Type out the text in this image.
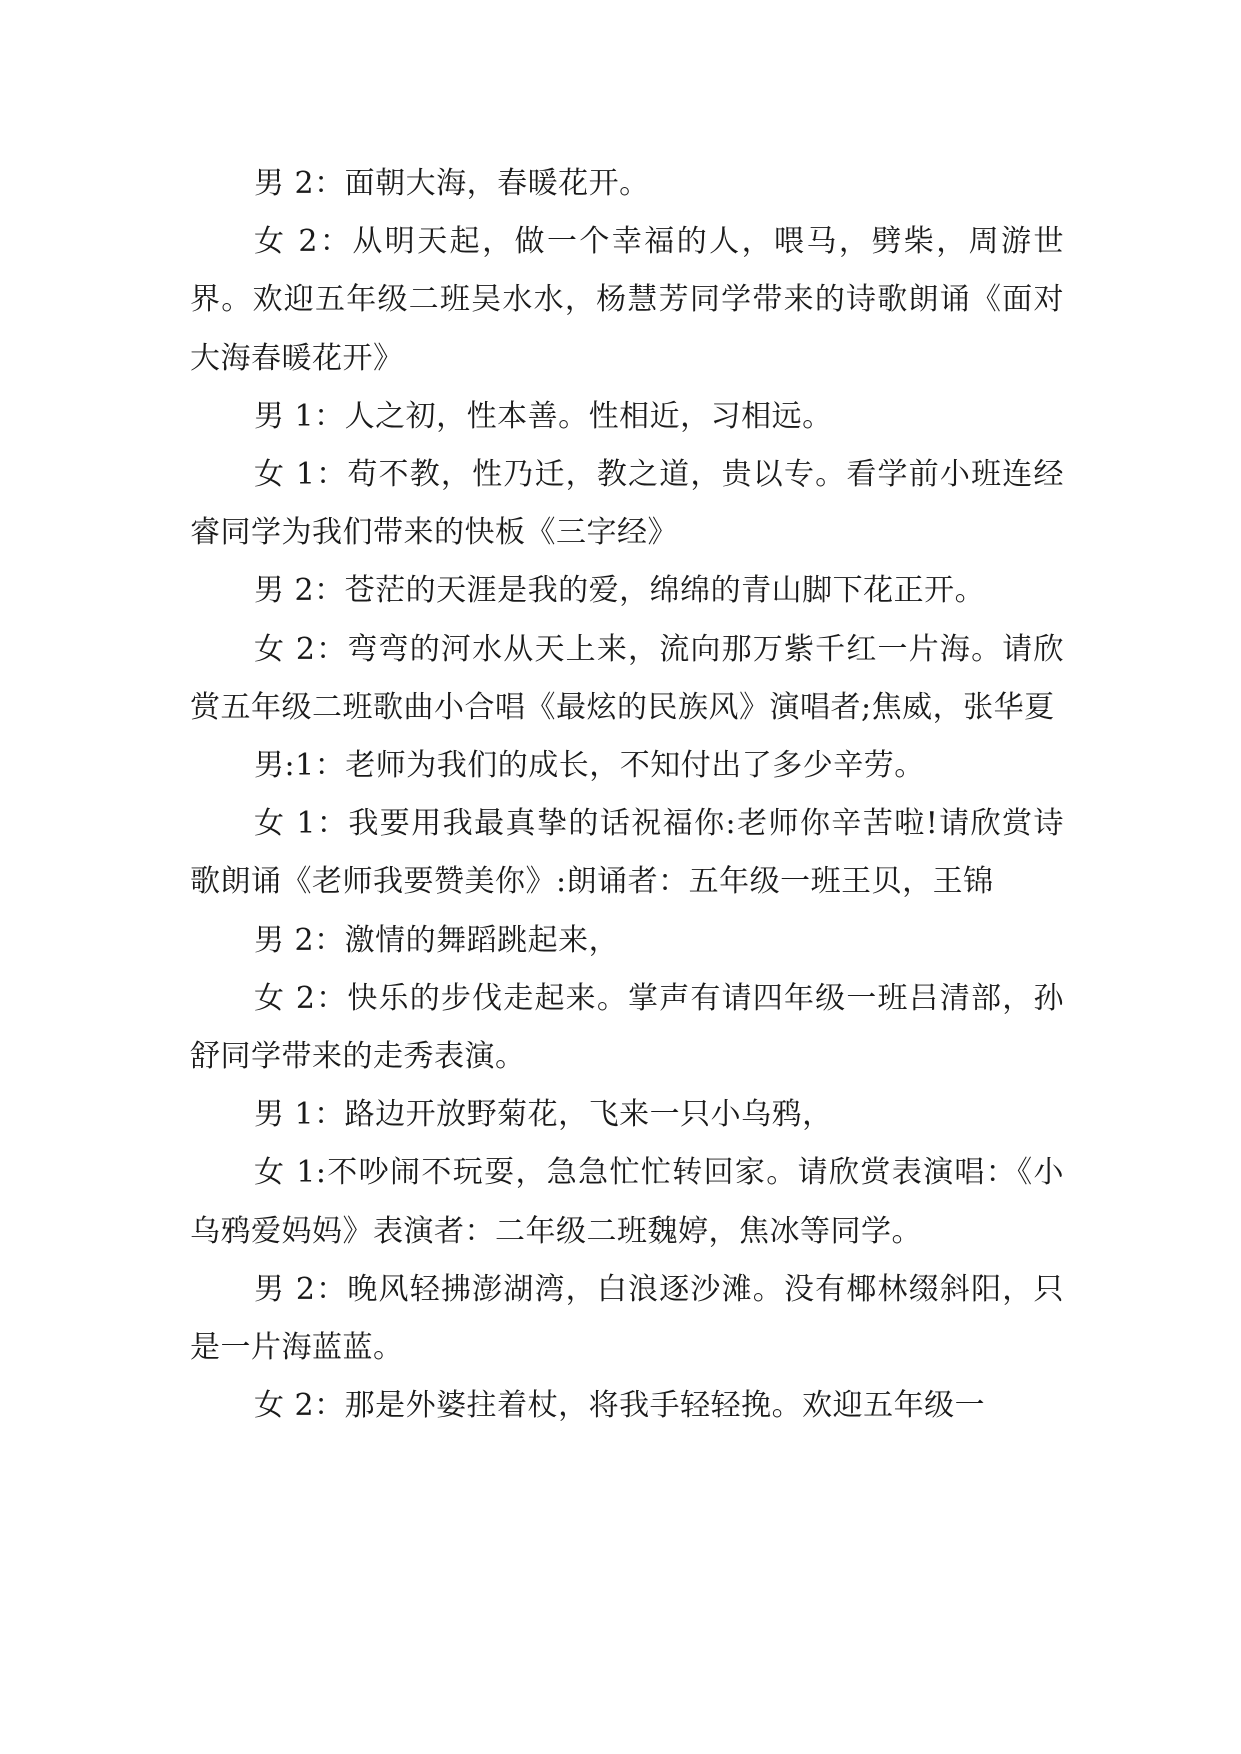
男 2：面朝大海，春暖花开。

女 2：从明天起，做一个幸福的人，喂马，劈柴，周游世界。欢迎五年级二班吴水水，杨慧芳同学带来的诗歌朗诵《面对大海春暖花开》

男 1：人之初，性本善。性相近，习相远。

女 1：苟不教，性乃迁，教之道，贵以专。看学前小班连经睿同学为我们带来的快板《三字经》

男 2：苍茫的天涯是我的爱，绵绵的青山脚下花正开。

女 2：弯弯的河水从天上来，流向那万紫千红一片海。请欣赏五年级二班歌曲小合唱《最炫的民族风》演唱者;焦威，张华夏

男:1：老师为我们的成长，不知付出了多少辛劳。

女 1：我要用我最真挚的话祝福你:老师你辛苦啦!请欣赏诗歌朗诵《老师我要赞美你》:朗诵者：五年级一班王贝，王锦

男 2：激情的舞蹈跳起来，

女 2：快乐的步伐走起来。掌声有请四年级一班吕清部，孙舒同学带来的走秀表演。

男 1：路边开放野菊花，飞来一只小乌鸦，

女 1:不吵闹不玩耍，急急忙忙转回家。请欣赏表演唱：《小乌鸦爱妈妈》表演者：二年级二班魏婷，焦冰等同学。

男 2：晚风轻拂澎湖湾，白浪逐沙滩。没有椰林缀斜阳，只是一片海蓝蓝。

女 2：那是外婆拄着杖，将我手轻轻挽。欢迎五年级一
